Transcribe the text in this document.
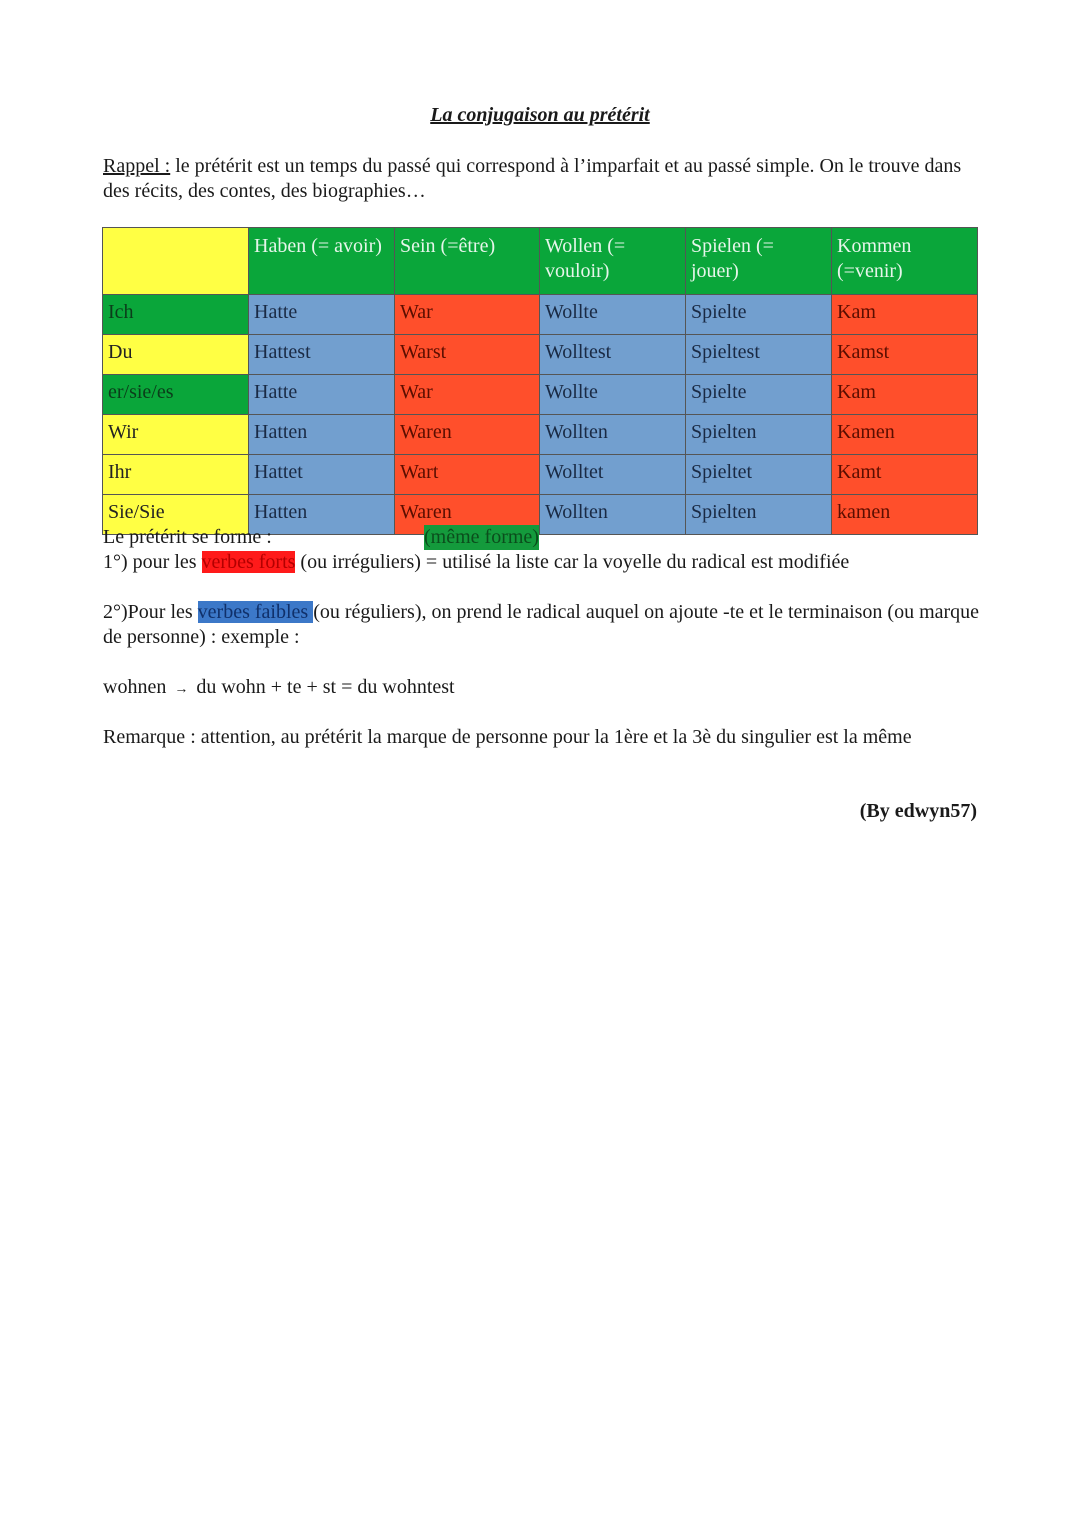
La conjugaison au prétérit
Rappel : le prétérit est un temps du passé qui correspond à l’imparfait et au passé simple. On le trouve dans des récits, des contes, des biographies…
	Haben (= avoir)	Sein (=être)	Wollen (= vouloir)	Spielen (= jouer)	Kommen (=venir)
Ich	Hatte	War	Wollte	Spielte	Kam
Du	Hattest	Warst	Wolltest	Spieltest	Kamst
er/sie/es	Hatte	War	Wollte	Spielte	Kam
Wir	Hatten	Waren	Wollten	Spielten	Kamen
Ihr	Hattet	Wart	Wolltet	Spieltet	Kamt
Sie/Sie	Hatten	Waren	Wollten	Spielten	kamen
Le prétérit se forme :	(même forme)
1°) pour les verbes forts (ou irréguliers) = utilisé la liste car la voyelle du radical est modifiée
2°)Pour les verbes faibles (ou réguliers), on prend le radical auquel on ajoute -te et le terminaison (ou marque de personne) : exemple :
wohnen → du wohn + te + st = du wohntest
Remarque : attention, au prétérit la marque de personne pour la 1ère et la 3è du singulier est la même
(By edwyn57)
